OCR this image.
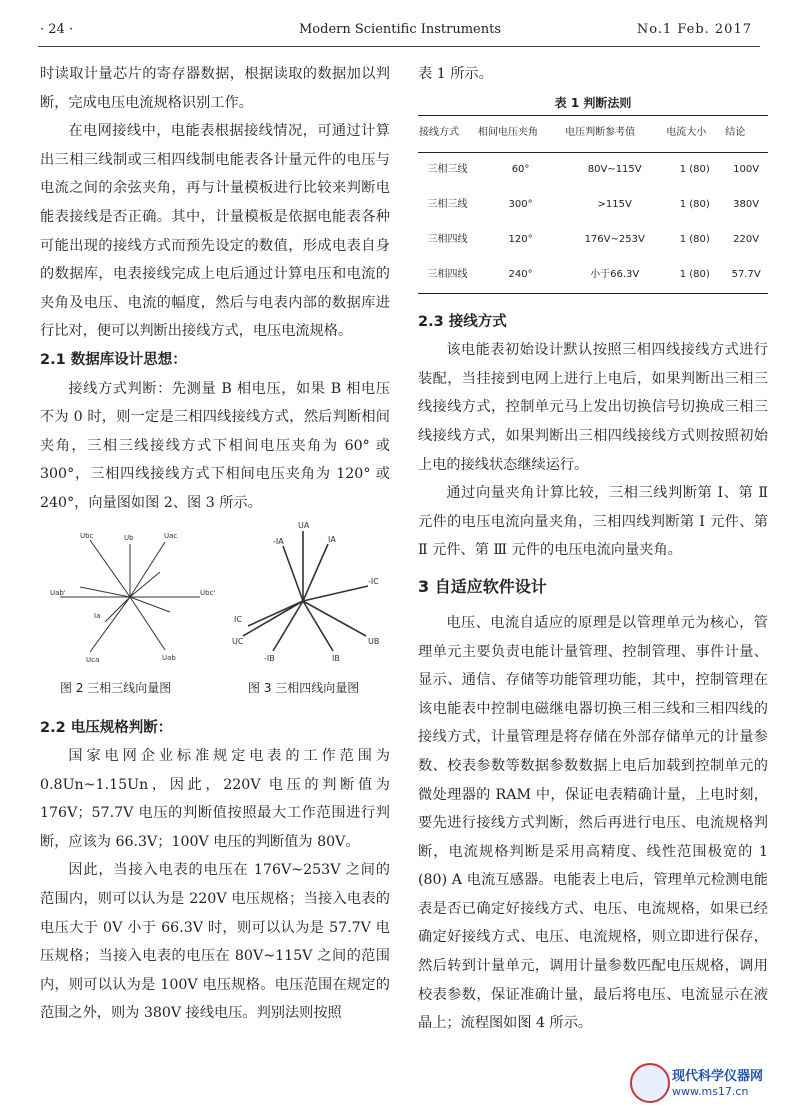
· 24 ·	Modern Scientific Instruments	No.1 Feb. 2017

时读取计量芯片的寄存器数据，根据读取的数据加以判断，完成电压电流规格识别工作。

在电网接线中，电能表根据接线情况，可通过计算出三相三线制或三相四线制电能表各计量元件的电压与电流之间的余弦夹角，再与计量模板进行比较来判断电能表接线是否正确。其中，计量模板是依据电能表各种可能出现的接线方式而预先设定的数值，形成电表自身的数据库，电表接线完成上电后通过计算电压和电流的夹角及电压、电流的幅度，然后与电表内部的数据库进行比对，便可以判断出接线方式，电压电流规格。

2.1 数据库设计思想：

接线方式判断：先测量 B 相电压，如果 B 相电压不为 0 时，则一定是三相四线接线方式，然后判断相间夹角，三相三线接线方式下相间电压夹角为 60° 或 300°，三相四线接线方式下相间电压夹角为 120° 或 240°，向量图如图 2、图 3 所示。

Ub	Uac
Ubc
Ubc'
Uab'
Uab
Uca
Ia
UA
UB
UC
-IA	IA
-IC
IC
-IB	IB
图 2 三相三线向量图	图 3 三相四线向量图
2.2 电压规格判断：

国家电网企业标准规定电表的工作范围为 0.8Un~1.15Un，因此，220V 电压的判断值为 176V；57.7V 电压的判断值按照最大工作范围进行判断，应该为 66.3V；100V 电压的判断值为 80V。

因此，当接入电表的电压在 176V~253V 之间的范围内，则可以认为是 220V 电压规格；当接入电表的电压大于 0V 小于 66.3V 时，则可以认为是 57.7V 电压规格；当接入电表的电压在 80V~115V 之间的范围内，则可以认为是 100V 电压规格。电压范围在规定的范围之外，则为 380V 接线电压。判别法则按照

表 1 所示。

表 1 判断法则
接线方式	相间电压夹角	电压判断参考值	电流大小	结论
三相三线	60°	80V~115V	1 (80)	100V
三相三线	300°	>115V	1 (80)	380V
三相四线	120°	176V~253V	1 (80)	220V
三相四线	240°	小于66.3V	1 (80)	57.7V
2.3 接线方式

该电能表初始设计默认按照三相四线接线方式进行装配，当挂接到电网上进行上电后，如果判断出三相三线接线方式，控制单元马上发出切换信号切换成三相三线接线方式，如果判断出三相四线接线方式则按照初始上电的接线状态继续运行。

通过向量夹角计算比较，三相三线判断第 Ⅰ、第 Ⅱ 元件的电压电流向量夹角，三相四线判断第 Ⅰ 元件、第 Ⅱ 元件、第 Ⅲ 元件的电压电流向量夹角。

3 自适应软件设计

电压、电流自适应的原理是以管理单元为核心，管理单元主要负责电能计量管理、控制管理、事件计量、显示、通信、存储等功能管理功能，其中，控制管理在该电能表中控制电磁继电器切换三相三线和三相四线的接线方式，计量管理是将存储在外部存储单元的计量参数、校表参数等数据参数数据上电后加载到控制单元的微处理器的 RAM 中，保证电表精确计量，上电时刻，要先进行接线方式判断，然后再进行电压、电流规格判断，电流规格判断是采用高精度、线性范围极宽的 1 (80) A 电流互感器。电能表上电后，管理单元检测电能表是否已确定好接线方式、电压、电流规格，如果已经确定好接线方式、电压、电流规格，则立即进行保存，然后转到计量单元，调用计量参数匹配电压规格，调用校表参数，保证准确计量，最后将电压、电流显示在液晶上；流程图如图 4 所示。

现代科学仪器网
www.ms17.cn
